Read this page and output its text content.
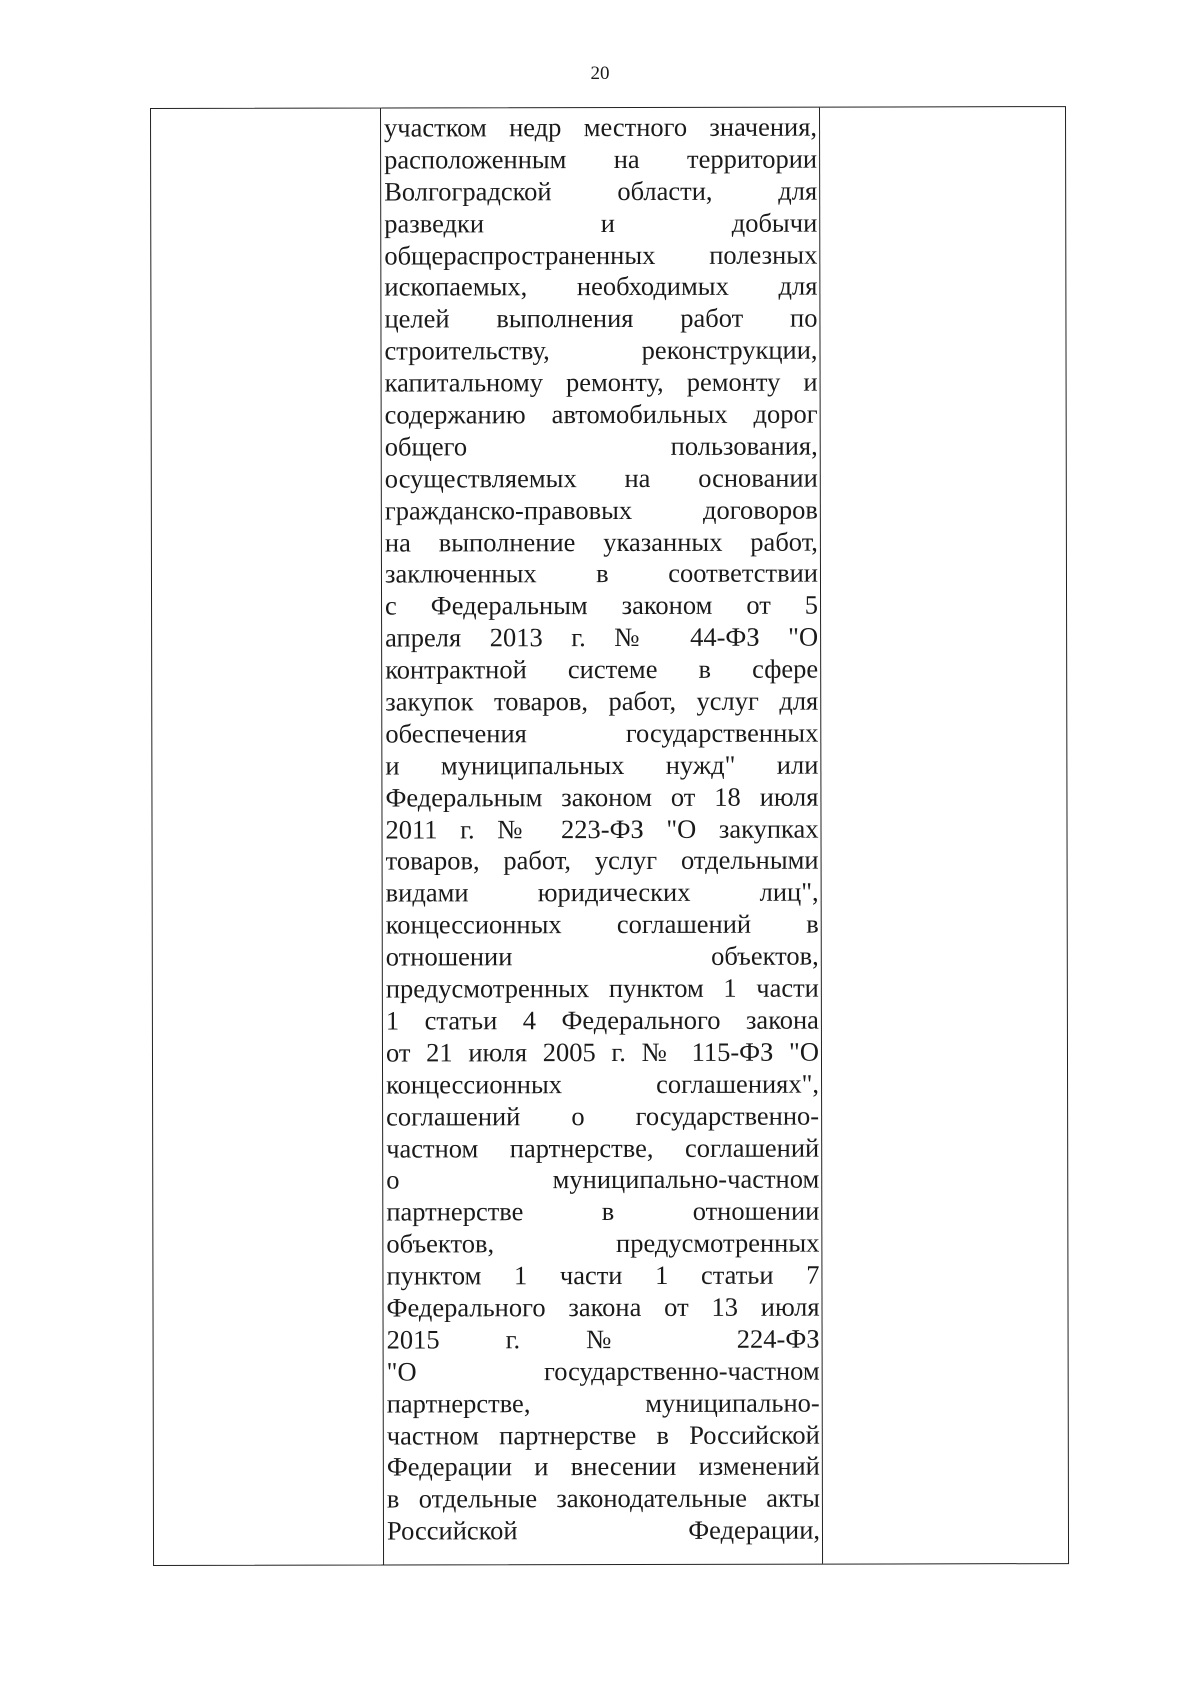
20
участком недр местного значения,
расположенным на территории
Волгоградской области, для
разведки и добычи
общераспространенных полезных
ископаемых, необходимых для
целей выполнения работ по
строительству, реконструкции,
капитальному ремонту, ремонту и
содержанию автомобильных дорог
общего пользования,
осуществляемых на основании
гражданско-правовых договоров
на выполнение указанных работ,
заключенных в соответствии
с Федеральным законом от 5
апреля 2013 г. № 44-ФЗ "О
контрактной системе в сфере
закупок товаров, работ, услуг для
обеспечения государственных
и муниципальных нужд" или
Федеральным законом от 18 июля
2011 г. № 223-ФЗ "О закупках
товаров, работ, услуг отдельными
видами юридических лиц",
концессионных соглашений в
отношении объектов,
предусмотренных пунктом 1 части
1 статьи 4 Федерального закона
от 21 июля 2005 г. № 115-ФЗ "О
концессионных соглашениях",
соглашений о государственно-
частном партнерстве, соглашений
о муниципально-частном
партнерстве в отношении
объектов, предусмотренных
пунктом 1 части 1 статьи 7
Федерального закона от 13 июля
2015 г. № 224-ФЗ
"О государственно-частном
партнерстве, муниципально-
частном партнерстве в Российской
Федерации и внесении изменений
в отдельные законодательные акты
Российской Федерации,
